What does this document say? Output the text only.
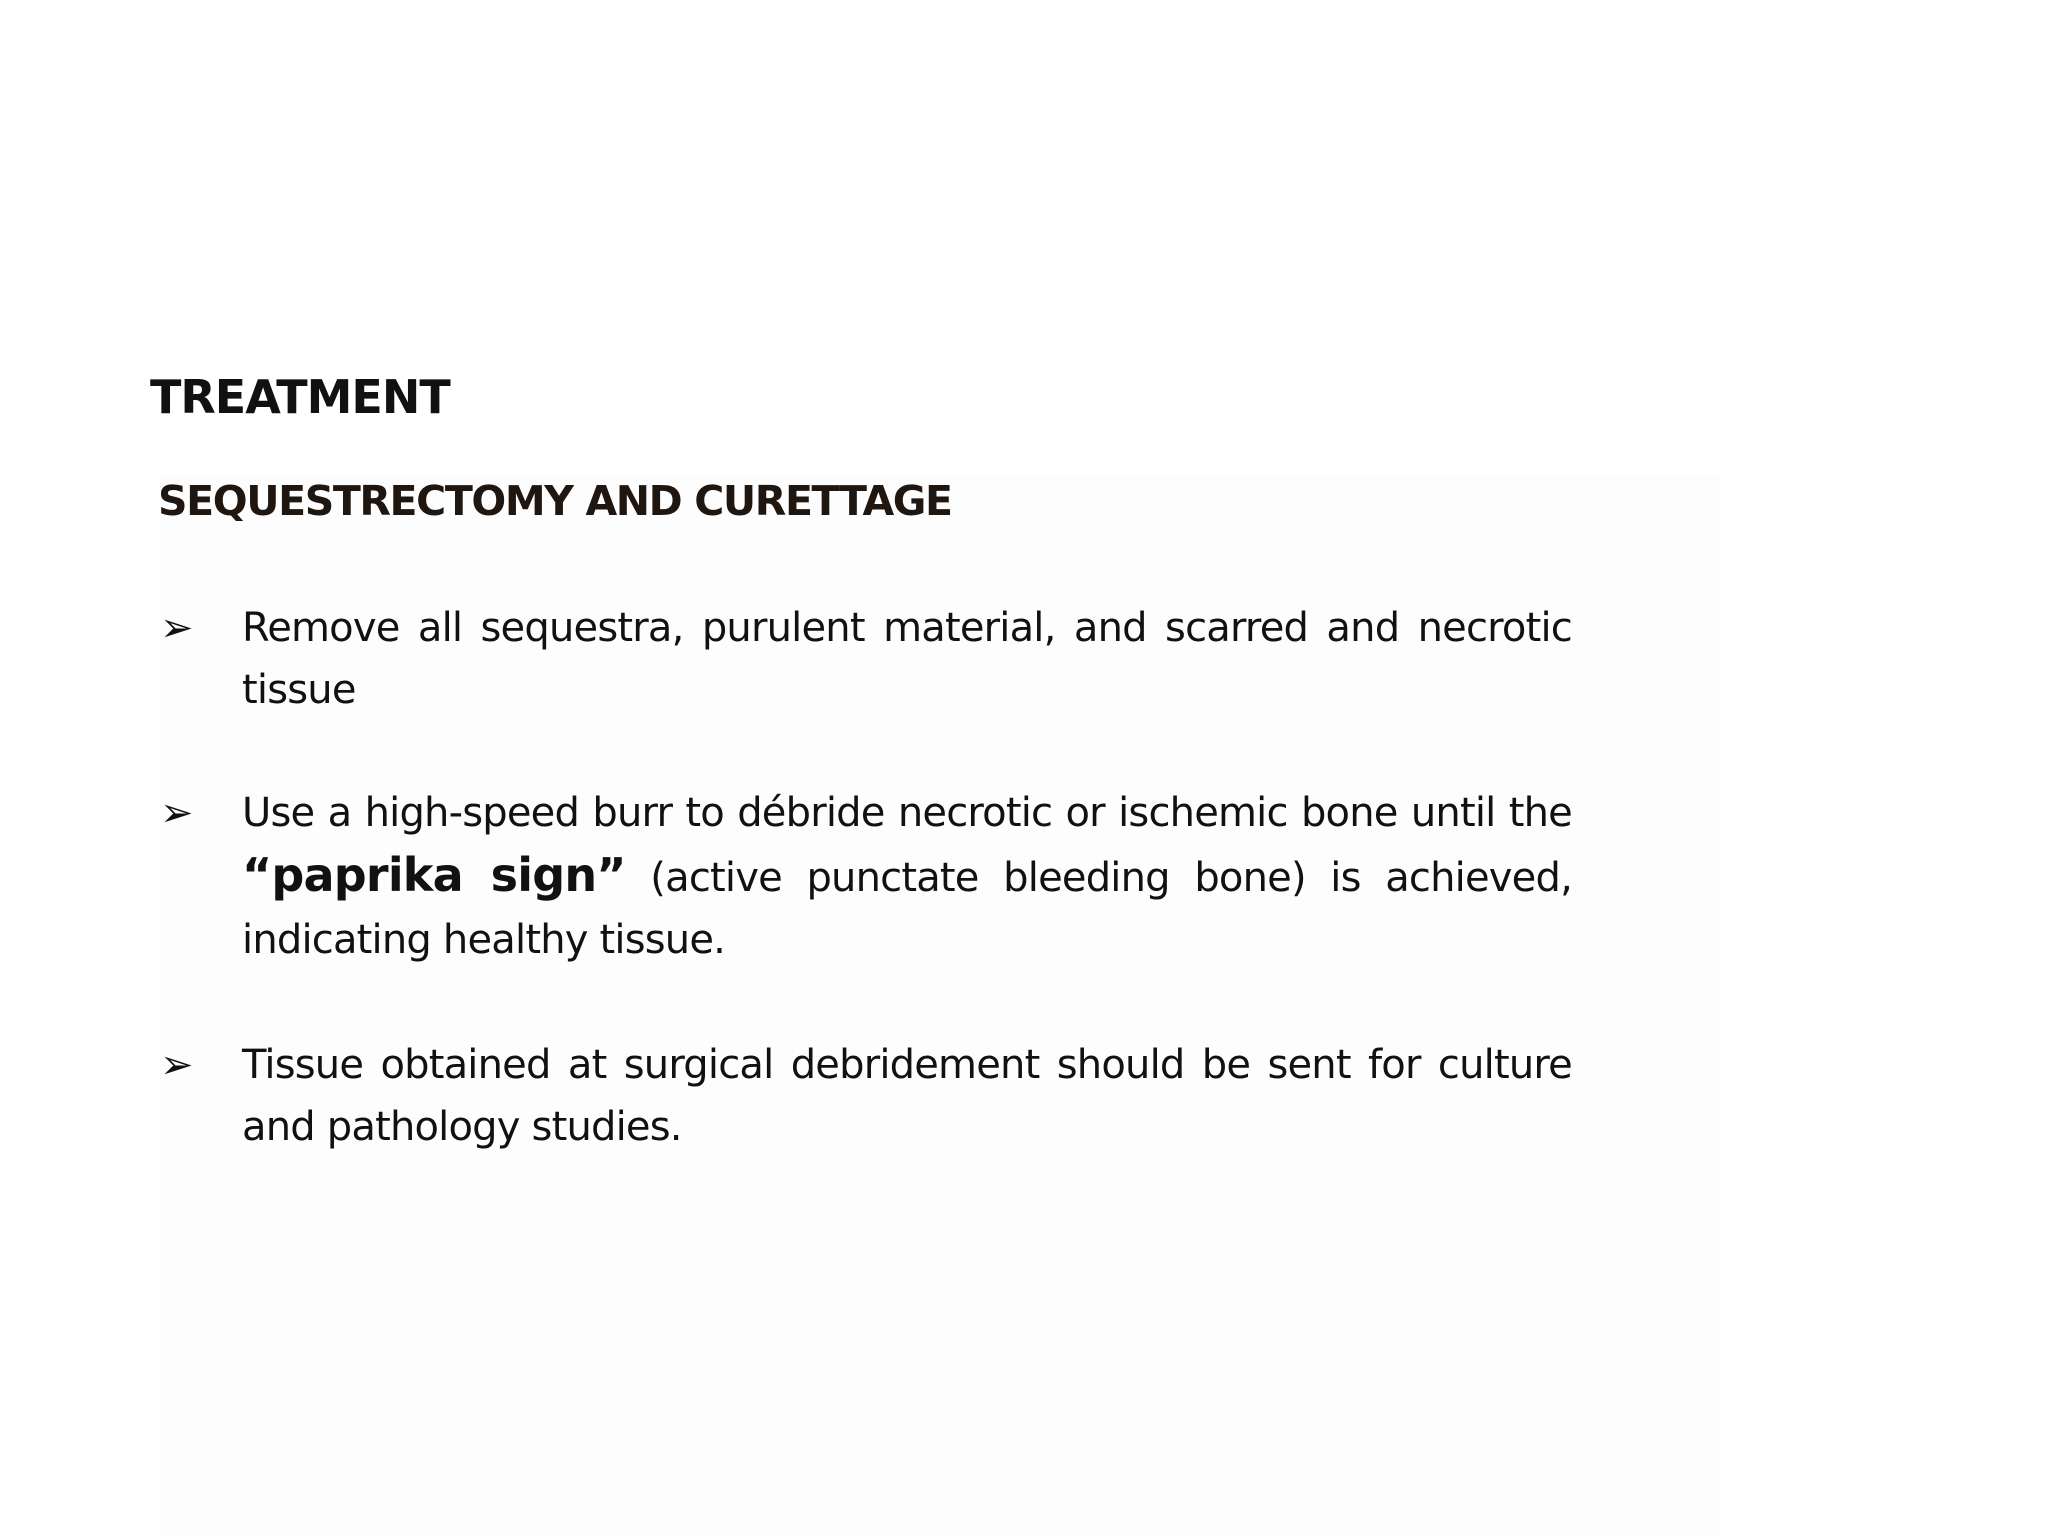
TREATMENT
SEQUESTRECTOMY AND CURETTAGE
➢ Remove all sequestra, purulent material, and scarred and necrotic tissue
➢ Use a high-speed burr to débride necrotic or ischemic bone until the “paprika sign” (active punctate bleeding bone) is achieved, indicating healthy tissue.
➢ Tissue obtained at surgical debridement should be sent for culture and pathology studies.
